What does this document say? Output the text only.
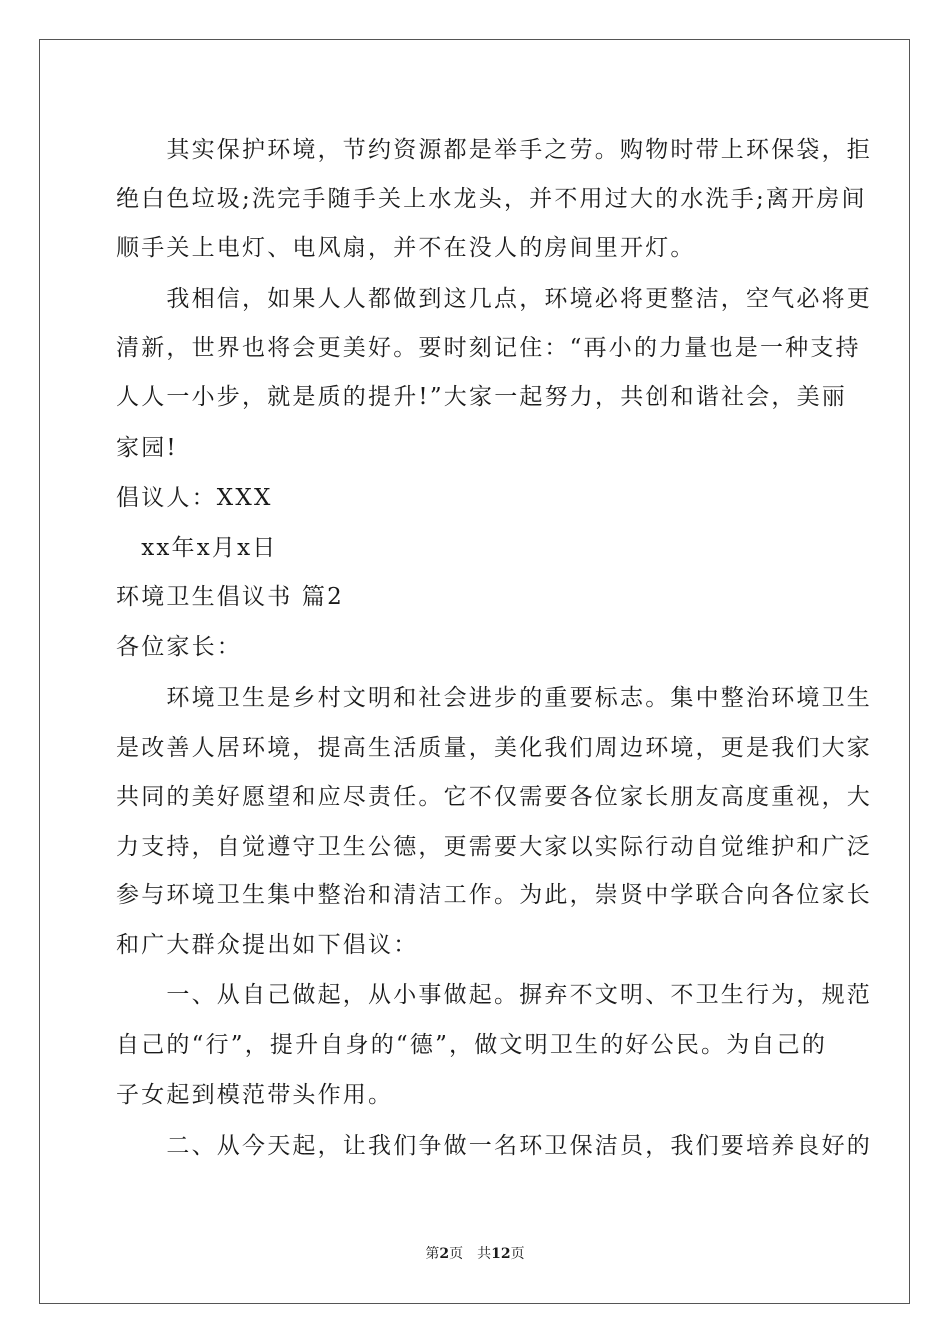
　　其实保护环境，节约资源都是举手之劳。购物时带上环保袋，拒
绝白色垃圾;洗完手随手关上水龙头，并不用过大的水洗手;离开房间
顺手关上电灯、电风扇，并不在没人的房间里开灯。
　　我相信，如果人人都做到这几点，环境必将更整洁，空气必将更
清新，世界也将会更美好。要时刻记住：“再小的力量也是一种支持
人人一小步，就是质的提升!”大家一起努力，共创和谐社会，美丽
家园!
倡议人：XXX
　xx年x月x日
环境卫生倡议书 篇2
各位家长：
　　环境卫生是乡村文明和社会进步的重要标志。集中整治环境卫生
是改善人居环境，提高生活质量，美化我们周边环境，更是我们大家
共同的美好愿望和应尽责任。它不仅需要各位家长朋友高度重视，大
力支持，自觉遵守卫生公德，更需要大家以实际行动自觉维护和广泛
参与环境卫生集中整治和清洁工作。为此，崇贤中学联合向各位家长
和广大群众提出如下倡议：
　　一、从自己做起，从小事做起。摒弃不文明、不卫生行为，规范
自己的“行”，提升自身的“德”，做文明卫生的好公民。为自己的
子女起到模范带头作用。
　　二、从今天起，让我们争做一名环卫保洁员，我们要培养良好的
第2页　共12页
